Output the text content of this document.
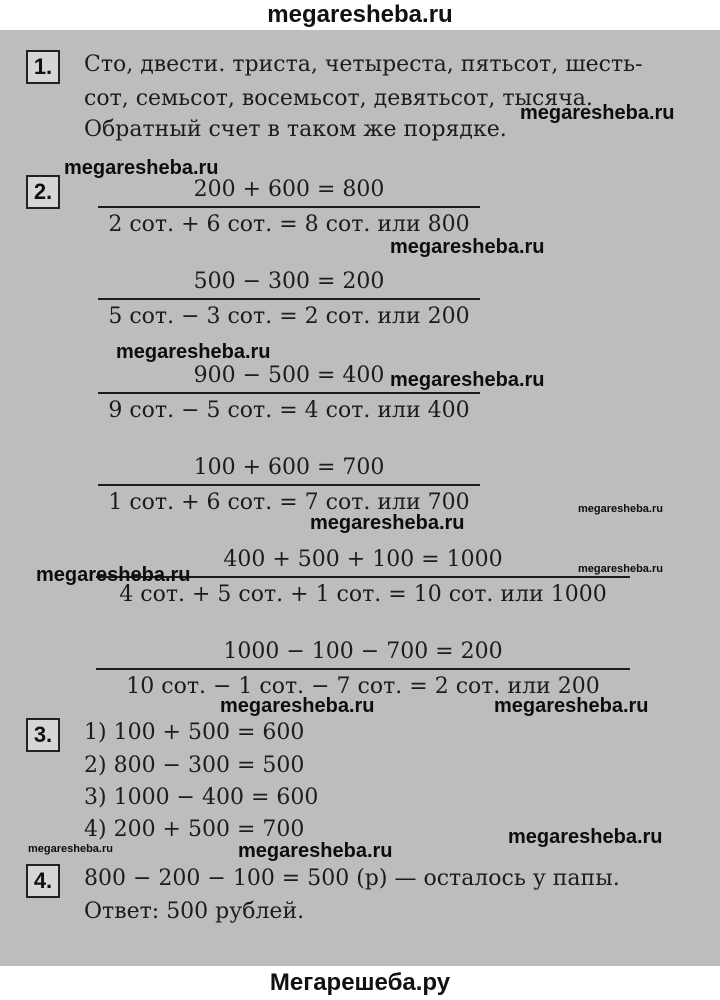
megaresheba.ru
1.	Сто, двести. триста, четыреста, пятьсот, шесть-
сот, семьсот, восемьсот, девятьсот, тысяча.
Обратный счет в таком же порядке.
2.	200 + 600 = 800
2 сот. + 6 сот. = 8 сот. или 800
500 − 300 = 200
5 сот. − 3 сот. = 2 сот. или 200
900 − 500 = 400
9 сот. − 5 сот. = 4 сот. или 400
100 + 600 = 700
1 сот. + 6 сот. = 7 сот. или 700
400 + 500 + 100 = 1000
4 сот. + 5 сот. + 1 сот. = 10 сот. или 1000
1000 − 100 − 700 = 200
10 сот. − 1 сот. − 7 сот. = 2 сот. или 200
3.	1) 100 + 500 = 600
2) 800 − 300 = 500
3) 1000 − 400 = 600
4) 200 + 500 = 700
4.	800 − 200 − 100 = 500 (р) — осталось у папы.
Ответ: 500 рублей.
megaresheba.ru
megaresheba.ru
megaresheba.ru
megaresheba.ru
megaresheba.ru
megaresheba.ru
megaresheba.ru
megaresheba.ru	megaresheba.ru
megaresheba.ru	megaresheba.ru
megaresheba.ru
megaresheba.ru	megaresheba.ru
Мегарешеба.ру
